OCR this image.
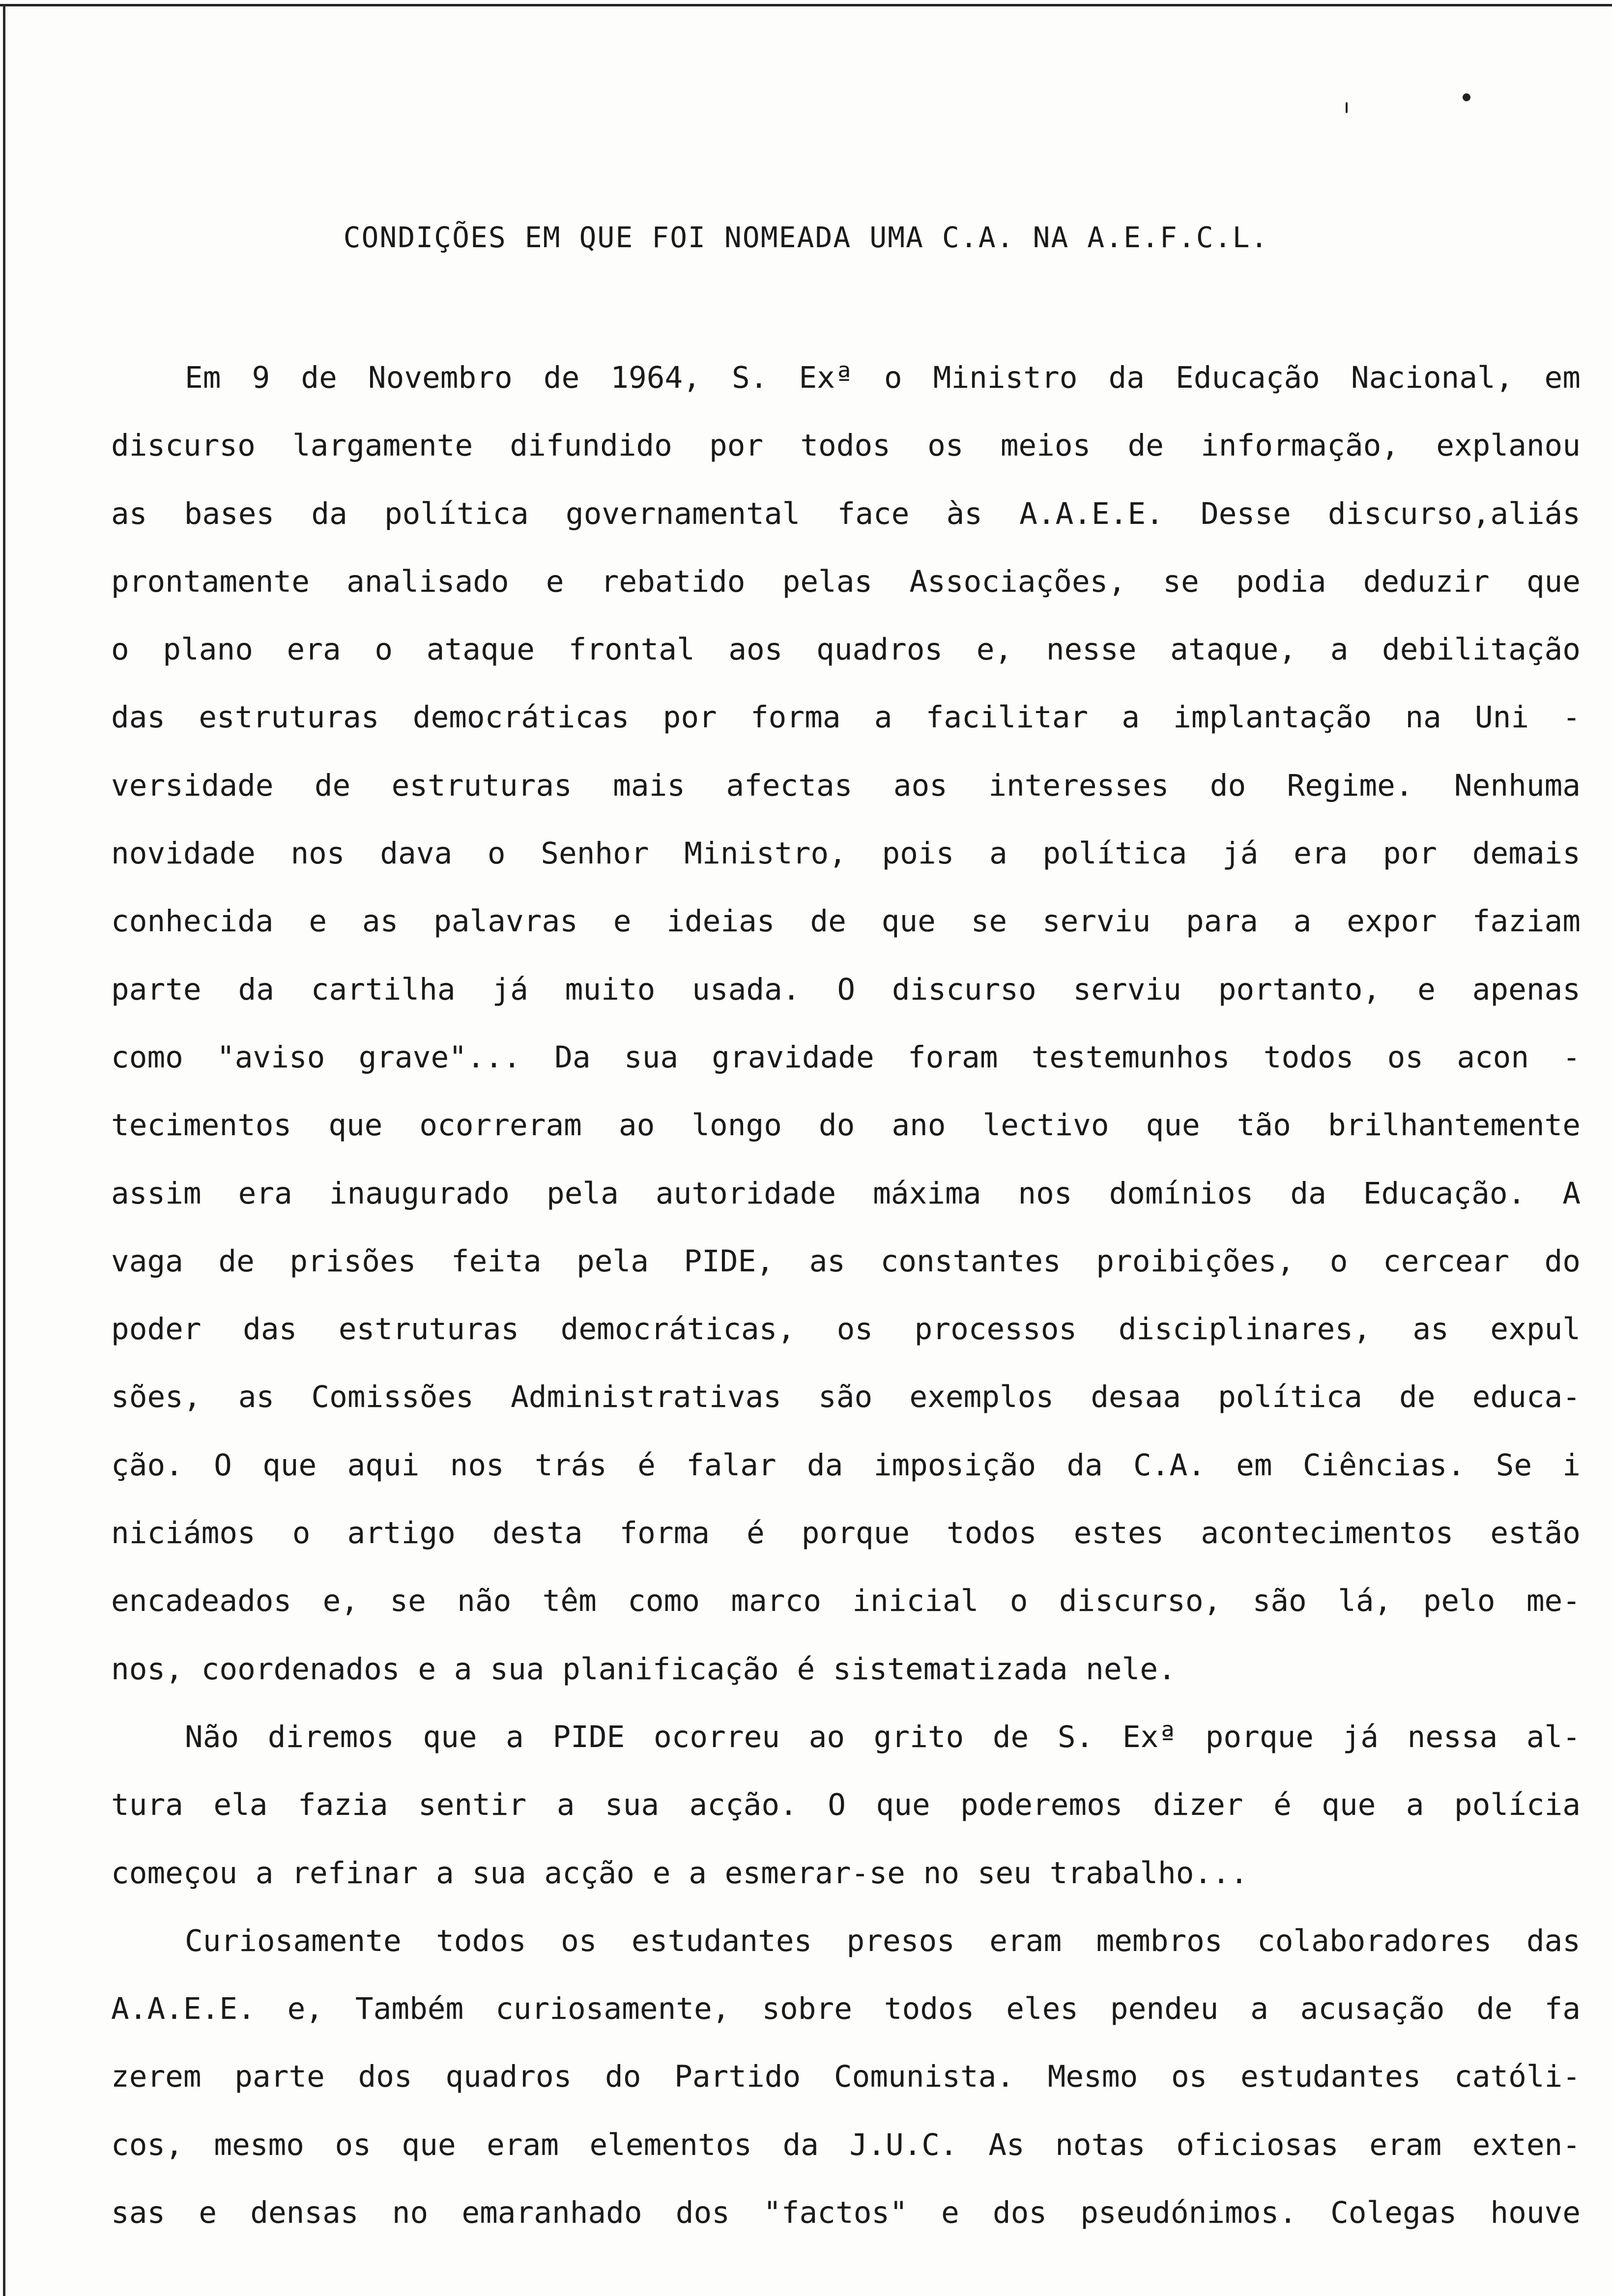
CONDIÇÕES EM QUE FOI NOMEADA UMA C.A. NA A.E.F.C.L.
Em 9 de Novembro de 1964, S. Exª o Ministro da Educação Nacional, em
discurso largamente difundido por todos os meios de informação, explanou
as bases da política governamental face às A.A.E.E. Desse discurso,aliás
prontamente analisado e rebatido pelas Associações, se podia deduzir que
o plano era o ataque frontal aos quadros e, nesse ataque, a debilitação
das estruturas democráticas por forma a facilitar a implantação na Uni -
versidade de estruturas mais afectas aos interesses do Regime. Nenhuma
novidade nos dava o Senhor Ministro, pois a política já era por demais
conhecida e as palavras e ideias de que se serviu para a expor faziam
parte da cartilha já muito usada. O discurso serviu portanto, e apenas
como "aviso grave"... Da sua gravidade foram testemunhos todos os acon -
tecimentos que ocorreram ao longo do ano lectivo que tão brilhantemente
assim era inaugurado pela autoridade máxima nos domínios da Educação. A
vaga de prisões feita pela PIDE, as constantes proibições, o cercear do
poder das estruturas democráticas, os processos disciplinares, as expul
sões, as Comissões Administrativas são exemplos desaa política de educa-
ção. O que aqui nos trás é falar da imposição da C.A. em Ciências. Se i
niciámos o artigo desta forma é porque todos estes acontecimentos estão
encadeados e, se não têm como marco inicial o discurso, são lá, pelo me-
nos, coordenados e a sua planificação é sistematizada nele.
Não diremos que a PIDE ocorreu ao grito de S. Exª porque já nessa al-
tura ela fazia sentir a sua acção. O que poderemos dizer é que a polícia
começou a refinar a sua acção e a esmerar-se no seu trabalho...
Curiosamente todos os estudantes presos eram membros colaboradores das
A.A.E.E. e, Também curiosamente, sobre todos eles pendeu a acusação de fa
zerem parte dos quadros do Partido Comunista. Mesmo os estudantes católi-
cos, mesmo os que eram elementos da J.U.C. As notas oficiosas eram exten-
sas e densas no emaranhado dos "factos" e dos pseudónimos. Colegas houve
